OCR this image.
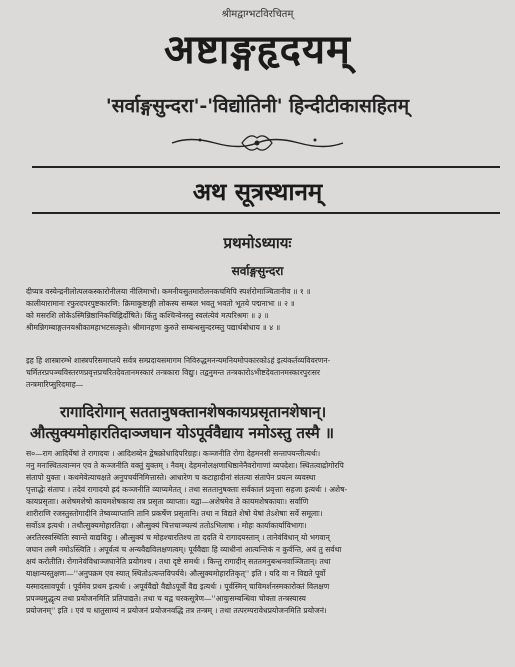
श्रीमद्वाग्भटविरचितम्
अष्टाङ्गहृदयम्
'सर्वाङ्गसुन्दरा'-'विद्योतिनी' हिन्दीटीकासहितम्
अथ सूत्रस्थानम्
प्रथमोऽध्यायः
सर्वाङ्गसुन्दरा
दीप्यत्र वस्येन्द्रनीलोत्पलकस्कारोनीलया नीलिमाभो। कमनीयसुतमारोलनकचमिपि स्पर्शरोमाञ्चितानीव ॥ १ ॥
कालीयारामानः रफुरदपरपुष्टकारणि: क्रिमाकुष्टाङ्गी लोकस्य सम्बल भवतु भवतो भूतये पद्मनाभः ॥ २ ॥
को मसरशि लोकेऽस्मिन्निष्ठानिकचिह्निर्दोषिते। किंतु कश्चिन्वेनस्तु स्वलंत्येवं मत्परिश्रमः ॥ ३ ॥
श्रीमन्निगम्बाङ्गतनयश्रीकामहाभटसत्कृते। श्रीमानहणः कुरुते सम्बन्धसुन्दरम्स्तु पद्यार्थबोधाय ॥ ४ ॥
इह हि शास्त्रारम्भे शास्त्रपरिसमाप्तये सर्वत्र सम्प्रदायसमागम निविरुद्धमनन्यमनियमोपकारकोऽहं इत्यंकर्तव्यविवरणन-
चर्मितरप्रपञ्चविस्तरणप्रवृत्तप्रचरितदेवतानमस्कारं तन्त्रकारा विद्युः। तद्वनुमन्त तन्त्रकारोऽभीष्टदेवतानमस्कारपुरःसर
तन्त्रमारिप्सुरिदमाह—
रागादिरोगान् सततानुषक्तानशेषकायप्रसृतानशेषान्।
औत्सुक्यमोहारतिदाञ्जघान योऽपूर्ववैद्याय नमोऽस्तु तस्मै ॥
स०—राग आदिर्येषां ते रागादयः । आदिशब्देन द्वेषक्रोधादिपरिग्रहः। कञ्जनीति रोगा देहमनसी सन्तापयन्तीत्यर्थः।
ननु मनःस्थितत्वान्मन एव ते कञ्जनीति वक्तुं युक्तम् । नैवम्। देहमनोलक्षणाधिष्ठानेनैवरोगाणां व्यपदेशः। स्थितत्वाद्रोगोरपि
संतापो युक्तः । कथमेवेत्याचक्षते अनुपचर्यनिमित्तास्ते। आधारेण च कटाहादीनां संतत्या संतापेन प्रयत्न व्यवस्था
पृत्ताद्धेः संतापः । तदेवं रागादयो ह्रदं कञ्जनीति व्याप्यमेतत् । तथा सततानुषक्ताः सर्वकालं प्रवृत्ताः सहजा इत्यर्थः । अशेष-
कायप्रसृताः। अशेषमशेषो कायमशेषकायः तत्र प्रसृता व्याप्ताः। यद्वा—अशेषमेव ते कायमशेषकायाः। सर्वाणि
शारीराणि रजस्तुस्तोगादीनि तेष्वव्याप्तानि तानि प्रकर्षेण प्रसृतानि। तथा न विद्यते शेषो येषां तेऽशेषाः सर्वे समूलाः।
सर्वोऽत्र इत्यर्थः । तथौत्सुक्यमोहारतिदाः । औत्सुक्यं चित्तचाञ्चल्यं ततोऽभिलाषः । मोहः कार्याकार्याविभागः।
अरतिरस्वस्थितिः स्वान्ते वाद्यविदुः । औत्सुक्यं च मोहश्चारतिश्च ता ददति ये रागादयस्तान् । तानेवंविधान् यो भगवान्
जघान तस्मै नमोऽस्त्विति । अपूर्वत्वं च अन्यवैद्यविलक्षणत्वम्। पूर्ववैद्याः हि व्याधीनां आत्यन्तिकं न कुर्वन्ति, अयं तु सर्वथा
क्षयं करोतीति। रोगानेवंविधाञ्जघानेति प्रयोगश्च । तथा दृष्टे समर्थः । किन्तु रागादीन् सततमनुबन्धनवाञ्जितान्। तथा
याक्षान्यस्तुक्षणः—''अनुपक्रम एव स्यात् स्थितोऽत्यन्तविपर्यये। औत्सुक्यमोहारतिकृत्'' इति । यदि वा न विद्यते पूर्वो
यस्मादसावपूर्वः । पूर्वमेव प्रथम इत्यर्थः । अपूर्ववैद्यो वैद्योऽपूर्वो वैद्य इत्यर्थः । पूर्वस्मिन् चाविमर्शनस्मकारोक्तं विलक्षण
प्रपञ्चमुद्धृत्य तथा प्रयोजनमिति प्रतिपाद्यते। तथा च यद्व चरकसूत्रेण—''आयुःसम्बन्धिवा चोक्ता तन्त्रस्यास्य
प्रयोजनम्'' इति । एवं च धातुसाम्यं न प्रयोजनं प्रयोजनवद्धि तत्र तन्त्रम् । तथा तत्परम्परावेधप्रयोजनमिति प्रयोजनं।
